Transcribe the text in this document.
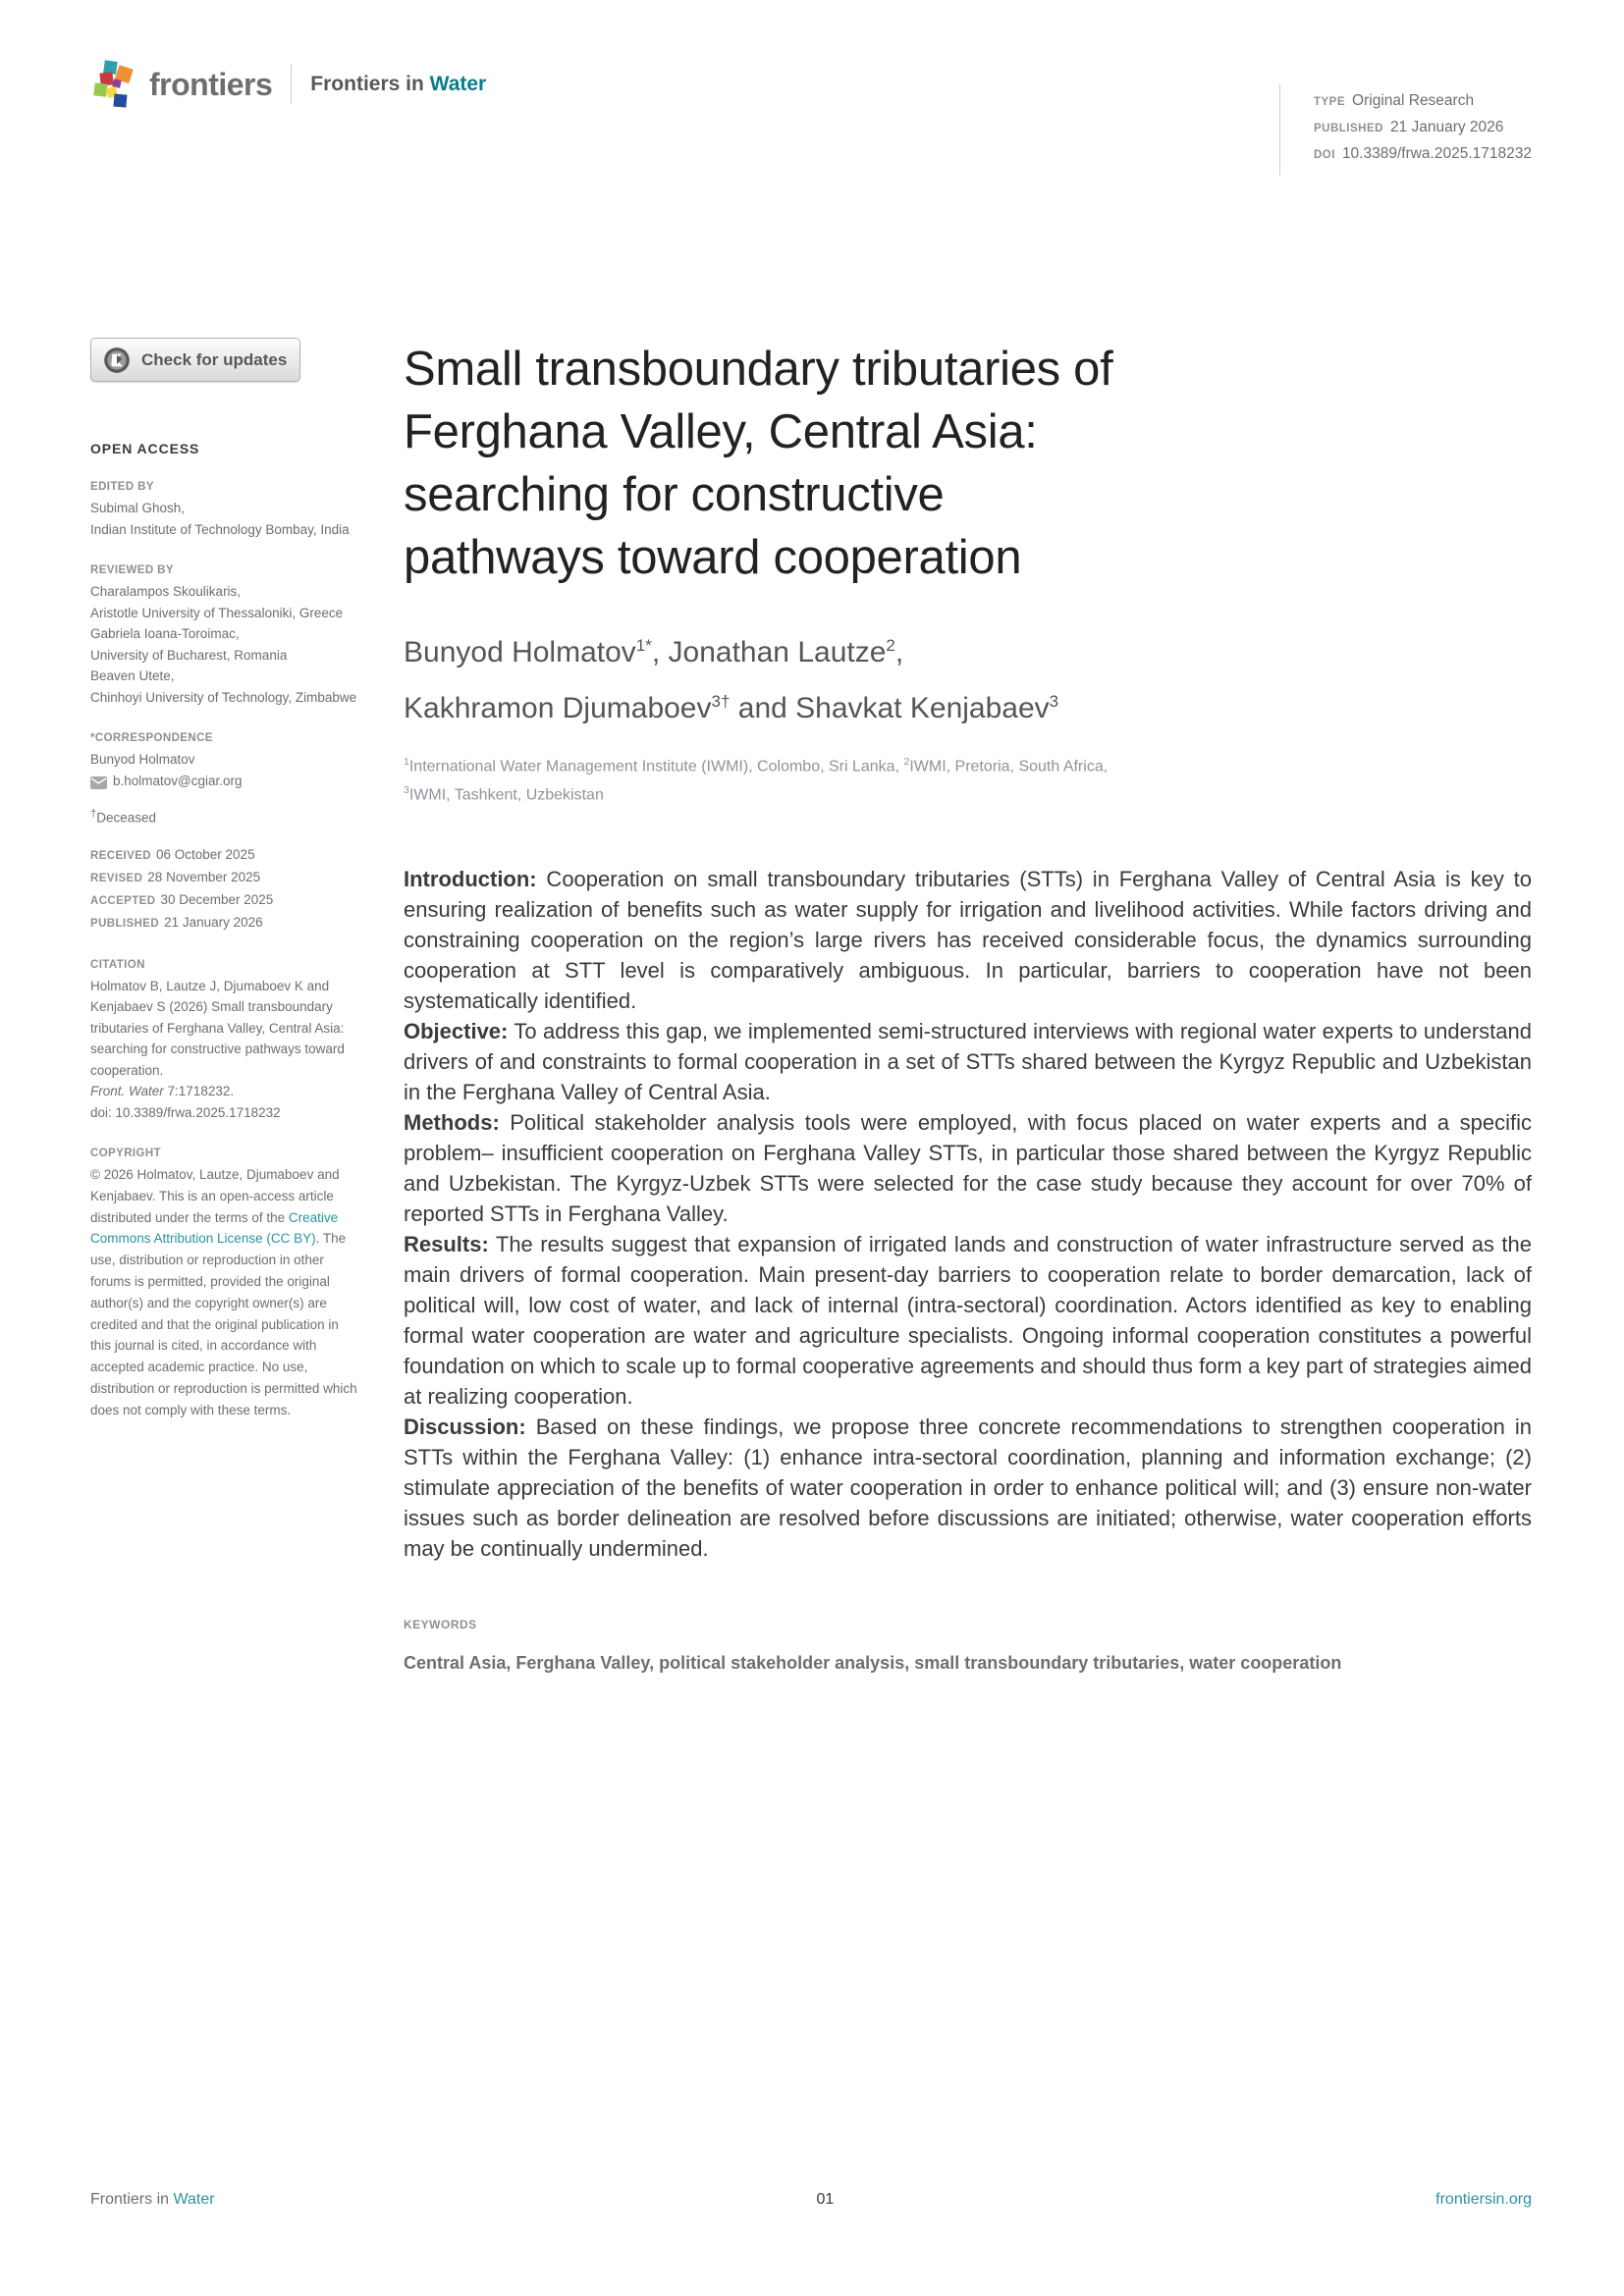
frontiers Frontiers in Water
TYPE Original Research
PUBLISHED 21 January 2026
DOI 10.3389/frwa.2025.1718232
Check for updates
OPEN ACCESS
EDITED BY
Subimal Ghosh,
Indian Institute of Technology Bombay, India
REVIEWED BY
Charalampos Skoulikaris,
Aristotle University of Thessaloniki, Greece
Gabriela Ioana-Toroimac,
University of Bucharest, Romania
Beaven Utete,
Chinhoyi University of Technology, Zimbabwe
*CORRESPONDENCE
Bunyod Holmatov
b.holmatov@cgiar.org
†Deceased
RECEIVED 06 October 2025
REVISED 28 November 2025
ACCEPTED 30 December 2025
PUBLISHED 21 January 2026
CITATION
Holmatov B, Lautze J, Djumaboev K and Kenjabaev S (2026) Small transboundary tributaries of Ferghana Valley, Central Asia: searching for constructive pathways toward cooperation.
Front. Water 7:1718232.
doi: 10.3389/frwa.2025.1718232
COPYRIGHT
© 2026 Holmatov, Lautze, Djumaboev and Kenjabaev. This is an open-access article distributed under the terms of the Creative Commons Attribution License (CC BY). The use, distribution or reproduction in other forums is permitted, provided the original author(s) and the copyright owner(s) are credited and that the original publication in this journal is cited, in accordance with accepted academic practice. No use, distribution or reproduction is permitted which does not comply with these terms.
Small transboundary tributaries of
Ferghana Valley, Central Asia:
searching for constructive
pathways toward cooperation
Bunyod Holmatov$^{1*}$, Jonathan Lautze$^2$,
Kakhramon Djumaboev$^{3\dagger}$ and Shavkat Kenjabaev$^3$
$^1$International Water Management Institute (IWMI), Colombo, Sri Lanka, $^2$IWMI, Pretoria, South Africa,
$^3$IWMI, Tashkent, Uzbekistan

Introduction: Cooperation on small transboundary tributaries (STTs) in Ferghana Valley of Central Asia is key to ensuring realization of benefits such as water supply for irrigation and livelihood activities. While factors driving and constraining cooperation on the region’s large rivers has received considerable focus, the dynamics surrounding cooperation at STT level is comparatively ambiguous. In particular, barriers to cooperation have not been systematically identified.

Objective: To address this gap, we implemented semi-structured interviews with regional water experts to understand drivers of and constraints to formal cooperation in a set of STTs shared between the Kyrgyz Republic and Uzbekistan in the Ferghana Valley of Central Asia.

Methods: Political stakeholder analysis tools were employed, with focus placed on water experts and a specific problem– insufficient cooperation on Ferghana Valley STTs, in particular those shared between the Kyrgyz Republic and Uzbekistan. The Kyrgyz-Uzbek STTs were selected for the case study because they account for over 70% of reported STTs in Ferghana Valley.

Results: The results suggest that expansion of irrigated lands and construction of water infrastructure served as the main drivers of formal cooperation. Main present-day barriers to cooperation relate to border demarcation, lack of political will, low cost of water, and lack of internal (intra-sectoral) coordination. Actors identified as key to enabling formal water cooperation are water and agriculture specialists. Ongoing informal cooperation constitutes a powerful foundation on which to scale up to formal cooperative agreements and should thus form a key part of strategies aimed at realizing cooperation.

Discussion: Based on these findings, we propose three concrete recommendations to strengthen cooperation in STTs within the Ferghana Valley: (1) enhance intra-sectoral coordination, planning and information exchange; (2) stimulate appreciation of the benefits of water cooperation in order to enhance political will; and (3) ensure non-water issues such as border delineation are resolved before discussions are initiated; otherwise, water cooperation efforts may be continually undermined.

KEYWORDS
Central Asia, Ferghana Valley, political stakeholder analysis, small transboundary tributaries, water cooperation
Frontiers in Water	01	frontiersin.org
